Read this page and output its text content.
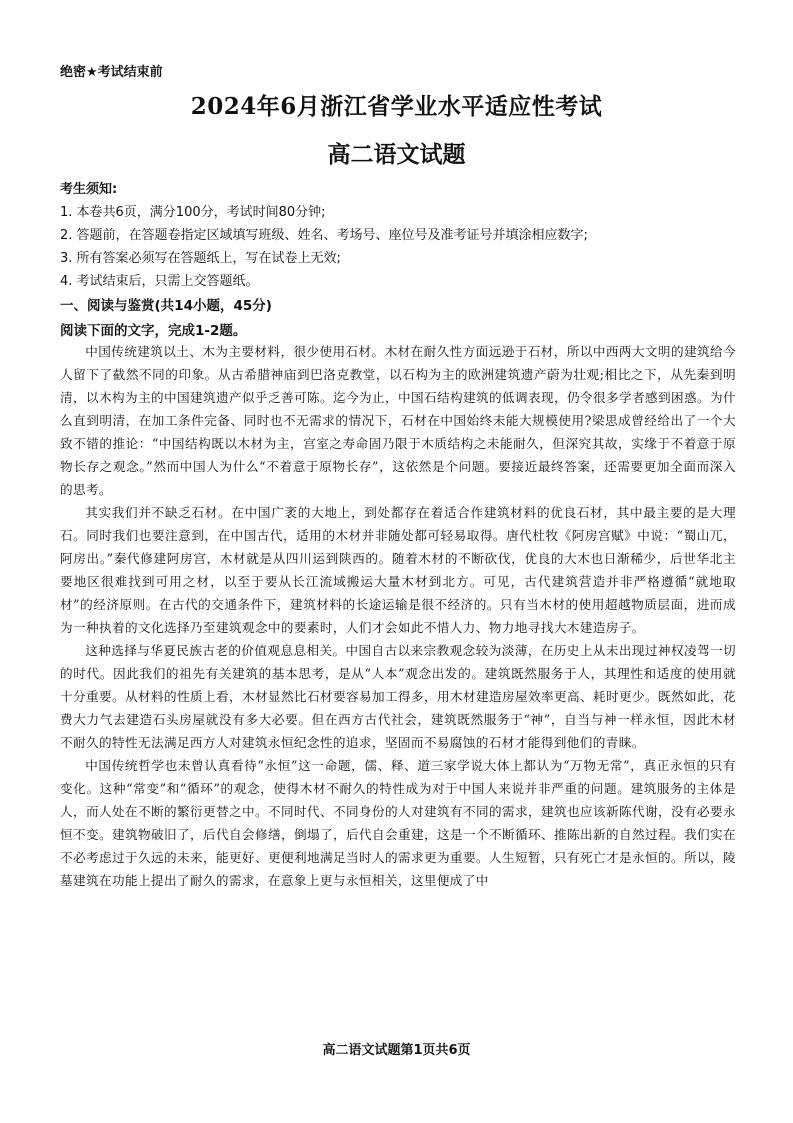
绝密★考试结束前
2024年6月浙江省学业水平适应性考试
高二语文试题
考生须知:
1. 本卷共6页，满分100分，考试时间80分钟;
2. 答题前，在答题卷指定区域填写班级、姓名、考场号、座位号及准考证号并填涂相应数字;
3. 所有答案必须写在答题纸上，写在试卷上无效;
4. 考试结束后，只需上交答题纸。
一、阅读与鉴赏(共14小题，45分)
阅读下面的文字，完成1-2题。

中国传统建筑以土、木为主要材料，很少使用石材。木材在耐久性方面远逊于石材，所以中西两大文明的建筑给今人留下了截然不同的印象。从古希腊神庙到巴洛克教堂，以石构为主的欧洲建筑遗产蔚为壮观;相比之下，从先秦到明清，以木构为主的中国建筑遗产似乎乏善可陈。迄今为止，中国石结构建筑的低调表现，仍令很多学者感到困惑。为什么直到明清，在加工条件完备、同时也不无需求的情况下，石材在中国始终未能大规模使用?梁思成曾经给出了一个大致不错的推论：“中国结构既以木材为主，宫室之寿命固乃限于木质结构之未能耐久，但深究其故，实缘于不着意于原物长存之观念。”然而中国人为什么“不着意于原物长存”，这依然是个问题。要接近最终答案，还需要更加全面而深入的思考。

其实我们并不缺乏石材。在中国广袤的大地上，到处都存在着适合作建筑材料的优良石材，其中最主要的是大理石。同时我们也要注意到，在中国古代，适用的木材并非随处都可轻易取得。唐代杜牧《阿房宫赋》中说：“蜀山兀，阿房出。”秦代修建阿房宫，木材就是从四川运到陕西的。随着木材的不断砍伐，优良的大木也日渐稀少，后世华北主要地区很难找到可用之材，以至于要从长江流域搬运大量木材到北方。可见，古代建筑营造并非严格遵循“就地取材”的经济原则。在古代的交通条件下，建筑材料的长途运输是很不经济的。只有当木材的使用超越物质层面，进而成为一种执着的文化选择乃至建筑观念中的要素时，人们才会如此不惜人力、物力地寻找大木建造房子。

这种选择与华夏民族古老的价值观息息相关。中国自古以来宗教观念较为淡薄，在历史上从未出现过神权凌驾一切的时代。因此我们的祖先有关建筑的基本思考，是从“人本”观念出发的。建筑既然服务于人，其理性和适度的使用就十分重要。从材料的性质上看，木材显然比石材要容易加工得多，用木材建造房屋效率更高、耗时更少。既然如此，花费大力气去建造石头房屋就没有多大必要。但在西方古代社会，建筑既然服务于“神”，自当与神一样永恒，因此木材不耐久的特性无法满足西方人对建筑永恒纪念性的追求，坚固而不易腐蚀的石材才能得到他们的青睐。

中国传统哲学也未曾认真看待“永恒”这一命题，儒、释、道三家学说大体上都认为“万物无常”，真正永恒的只有变化。这种“常变”和“循环”的观念，使得木材不耐久的特性成为对于中国人来说并非严重的问题。建筑服务的主体是人，而人处在不断的繁衍更替之中。不同时代、不同身份的人对建筑有不同的需求，建筑也应该新陈代谢，没有必要永恒不变。建筑物破旧了，后代自会修缮，倒塌了，后代自会重建，这是一个不断循环、推陈出新的自然过程。我们实在不必考虑过于久远的未来，能更好、更便利地满足当时人的需求更为重要。人生短暂，只有死亡才是永恒的。所以，陵墓建筑在功能上提出了耐久的需求，在意象上更与永恒相关，这里便成了中

高二语文试题第1页共6页
